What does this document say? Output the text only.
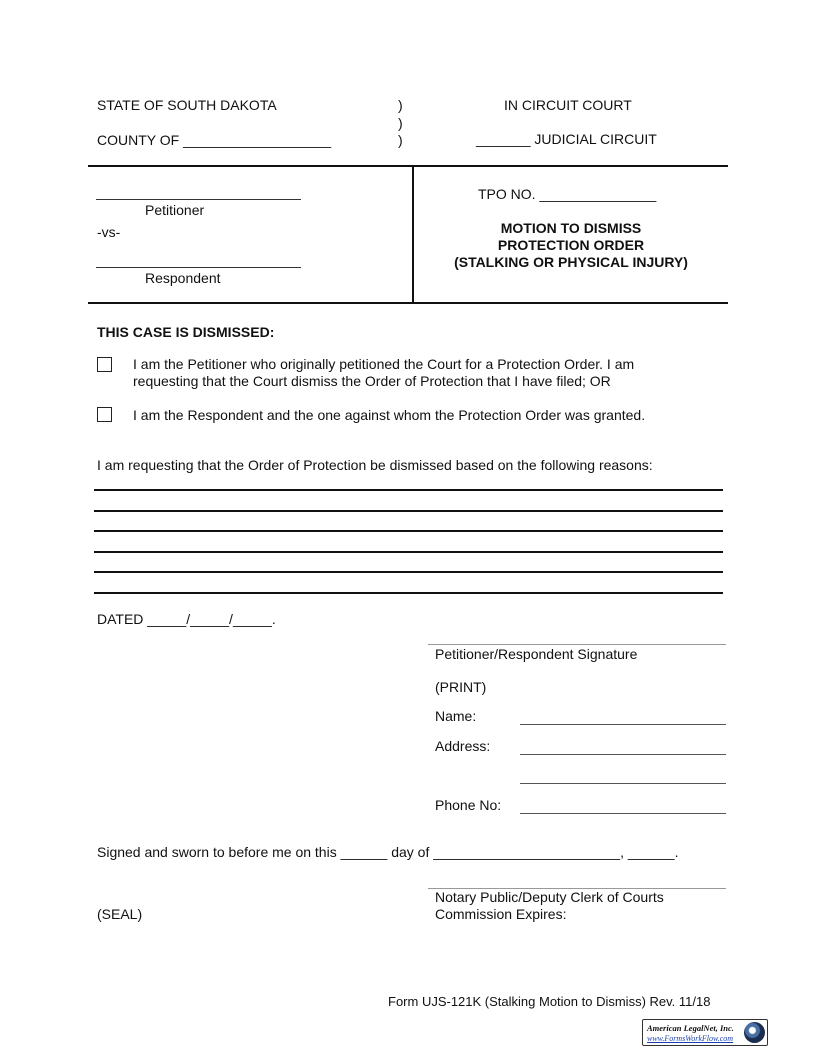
STATE OF SOUTH DAKOTA
COUNTY OF ___________________
)
)
)
IN CIRCUIT COURT
_______ JUDICIAL CIRCUIT
Petitioner
-vs-
Respondent
TPO NO. _______________
MOTION TO DISMISS
PROTECTION ORDER
(STALKING OR PHYSICAL INJURY)
THIS CASE IS DISMISSED:
I am the Petitioner who originally petitioned the Court for a Protection Order. I am
requesting that the Court dismiss the Order of Protection that I have filed; OR
I am the Respondent and the one against whom the Protection Order was granted.
I am requesting that the Order of Protection be dismissed based on the following reasons:
DATED _____/_____/_____.
Petitioner/Respondent Signature
(PRINT)
Name:
Address:
Phone No:
Signed and sworn to before me on this ______ day of ________________________, ______.
Notary Public/Deputy Clerk of Courts
Commission Expires:
(SEAL)
Form UJS-121K (Stalking Motion to Dismiss) Rev. 11/18
American LegalNet, Inc.
www.FormsWorkFlow.com
